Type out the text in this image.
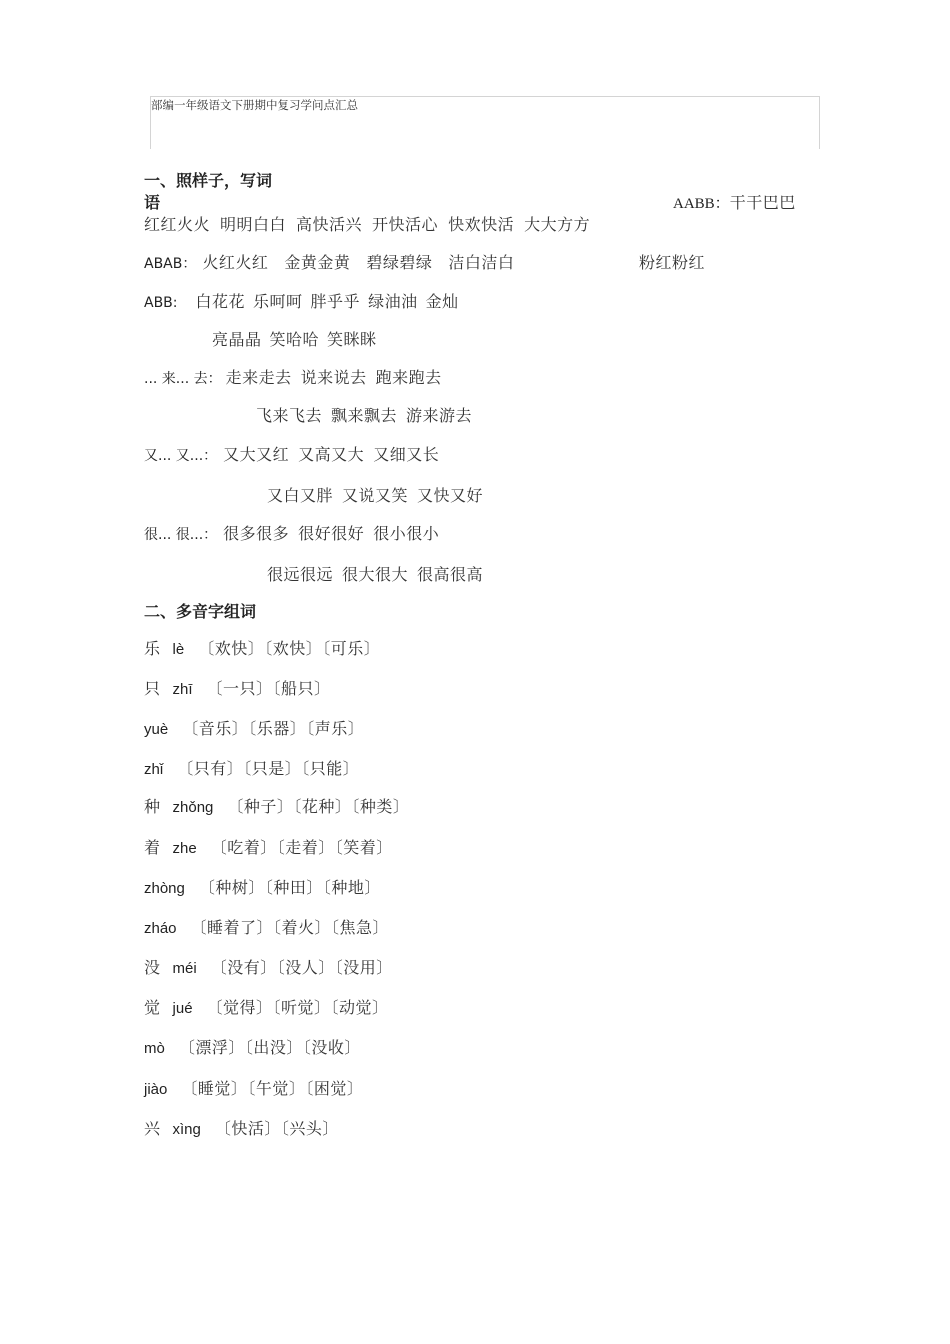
部编一年级语文下册期中复习学问点汇总
一、照样子，写词
语	AABB：干干巴巴
红红火火 明明白白 高快活兴 开快活心 快欢快活 大大方方
ABAB： 火红火红 金黄金黄 碧绿碧绿 洁白洁白	粉红粉红
ABB: 白花花 乐呵呵 胖乎乎 绿油油 金灿
亮晶晶 笑哈哈 笑眯眯
... 来... 去： 走来走去 说来说去 跑来跑去
飞来飞去 飘来飘去 游来游去
又... 又...： 又大又红 又高又大 又细又长
又白又胖 又说又笑 又快又好
很... 很...： 很多很多 很好很好 很小很小
很远很远 很大很大 很高很高
二、多音字组词
乐 lè 〔欢快〕〔欢快〕〔可乐〕
只 zhī 〔一只〕〔船只〕
yuè 〔音乐〕〔乐器〕〔声乐〕
zhǐ 〔只有〕〔只是〕〔只能〕
种 zhǒng 〔种子〕〔花种〕〔种类〕
着 zhe 〔吃着〕〔走着〕〔笑着〕
zhòng 〔种树〕〔种田〕〔种地〕
zháo 〔睡着了〕〔着火〕〔焦急〕
没 méi 〔没有〕〔没人〕〔没用〕
觉 jué 〔觉得〕〔听觉〕〔动觉〕
mò 〔漂浮〕〔出没〕〔没收〕
jiào 〔睡觉〕〔午觉〕〔困觉〕
兴 xìng 〔快活〕〔兴头〕
